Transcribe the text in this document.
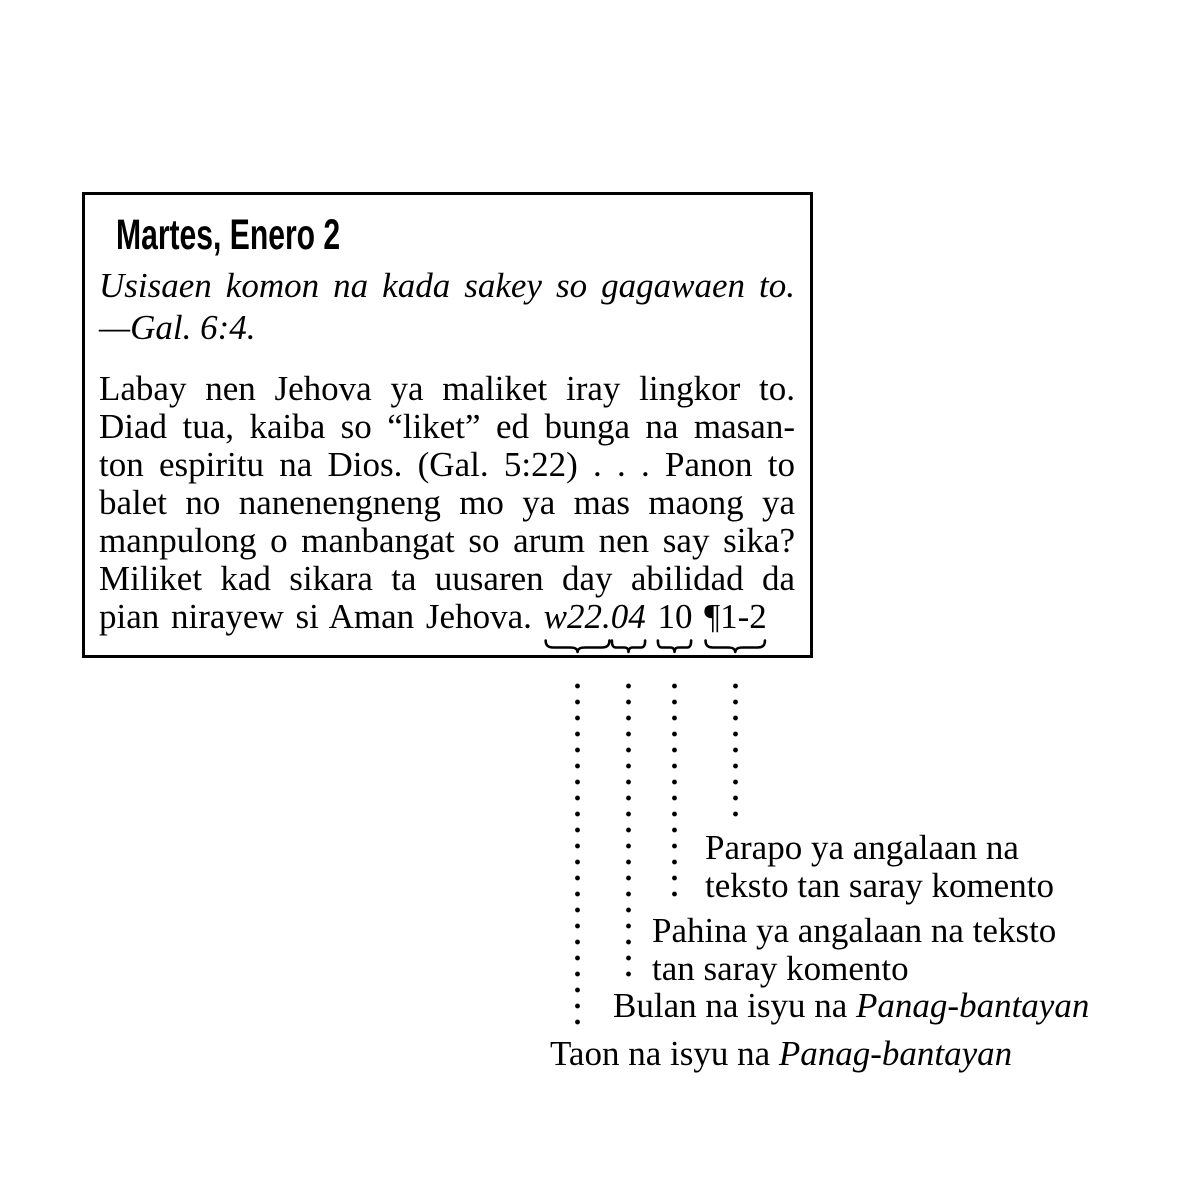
Martes, Enero 2
Usisaen komon na kada sakey so gagawaen to.
—Gal. 6:4.
Labay nen Jehova ya maliket iray lingkor to.
Diad tua, kaiba so “liket” ed bunga na masan-
ton espiritu na Dios. (Gal. 5:22) . . . Panon to
balet no nanenengneng mo ya mas maong ya
manpulong o manbangat so arum nen say sika?
Miliket kad sikara ta uusaren day abilidad da
pian nirayew si Aman Jehova. w22.
04 10 ¶1-2
Parapo ya angalaan na
teksto tan saray komento
Pahina ya angalaan na teksto
tan saray komento
Bulan na isyu na Panag-bantayan
Taon na isyu na Panag-bantayan
